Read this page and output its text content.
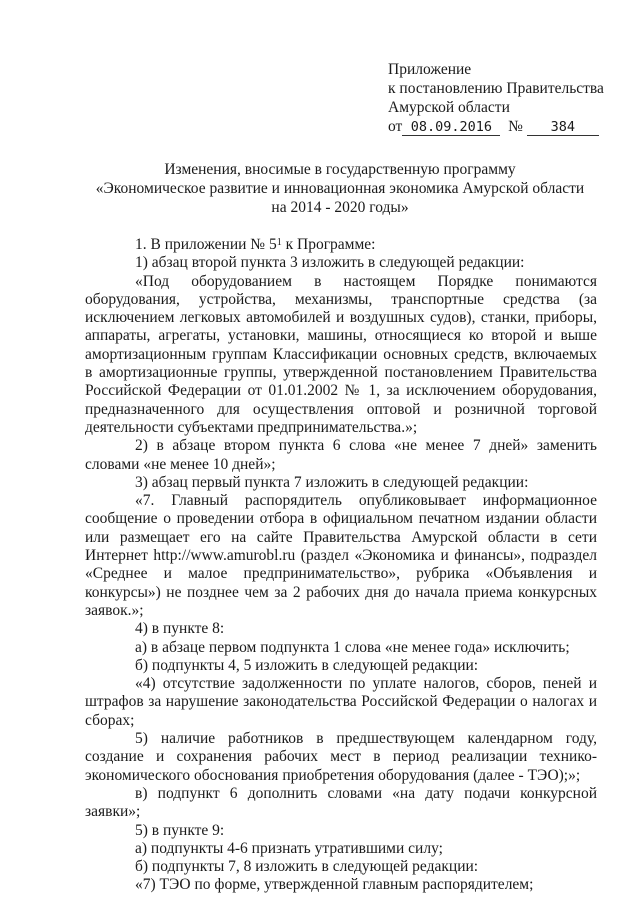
Приложение
к постановлению Правительства
Амурской области
от 08.09.2016 № 384
Изменения, вносимые в государственную программу
«Экономическое развитие и инновационная экономика Амурской области
на 2014 - 2020 годы»

1. В приложении № $5^1$ к Программе:

1) абзац второй пункта 3 изложить в следующей редакции:

«Под оборудованием в настоящем Порядке понимаются оборудования, устройства, механизмы, транспортные средства (за исключением легковых автомобилей и воздушных судов), станки, приборы, аппараты, агрегаты, установки, машины, относящиеся ко второй и выше амортизационным группам Классификации основных средств, включаемых в амортизационные группы, утвержденной постановлением Правительства Российской Федерации от 01.01.2002 № 1, за исключением оборудования, предназначенного для осуществления оптовой и розничной торговой деятельности субъектами предпринимательства.»;

2) в абзаце втором пункта 6 слова «не менее 7 дней» заменить словами «не менее 10 дней»;

3) абзац первый пункта 7 изложить в следующей редакции:

«7. Главный распорядитель опубликовывает информационное сообщение о проведении отбора в официальном печатном издании области или размещает его на сайте Правительства Амурской области в сети Интернет http://www.amurobl.ru (раздел «Экономика и финансы», подраздел «Среднее и малое предпринимательство», рубрика «Объявления и конкурсы») не позднее чем за 2 рабочих дня до начала приема конкурсных заявок.»;

4) в пункте 8:

а) в абзаце первом подпункта 1 слова «не менее года» исключить;

б) подпункты 4, 5 изложить в следующей редакции:

«4) отсутствие задолженности по уплате налогов, сборов, пеней и штрафов за нарушение законодательства Российской Федерации о налогах и сборах;

5) наличие работников в предшествующем календарном году, создание и сохранения рабочих мест в период реализации технико-экономического обоснования приобретения оборудования (далее - ТЭО);»;

в) подпункт 6 дополнить словами «на дату подачи конкурсной заявки»;

5) в пункте 9:

а) подпункты 4-6 признать утратившими силу;

б) подпункты 7, 8 изложить в следующей редакции:

«7) ТЭО по форме, утвержденной главным распорядителем;
